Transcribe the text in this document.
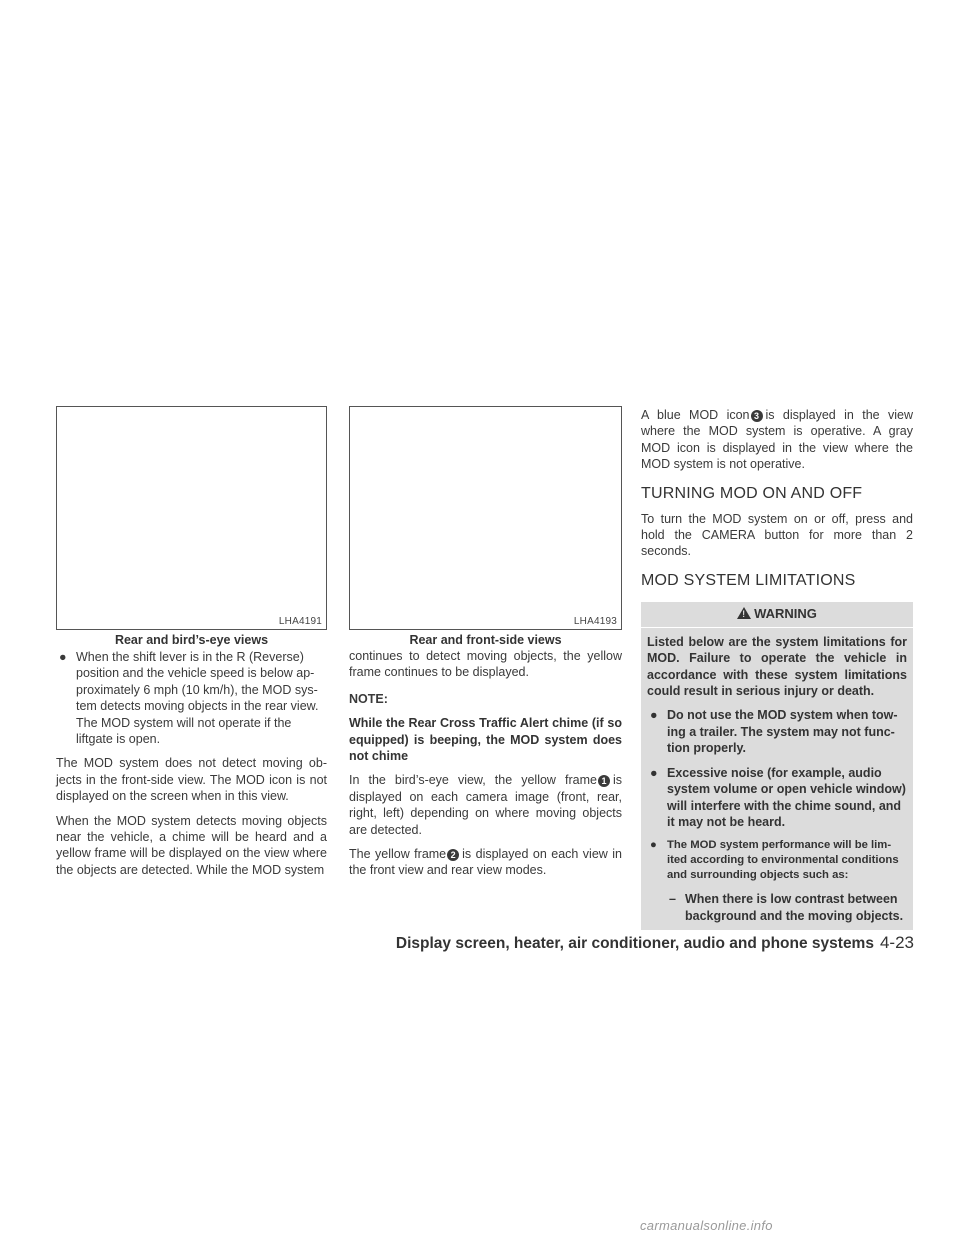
LHA4191
Rear and bird’s-eye views
● When the shift lever is in the R (Reverse) position and the vehicle speed is below ap- proximately 6 mph (10 km/h), the MOD sys- tem detects moving objects in the rear view. The MOD system will not operate if the liftgate is open.

The MOD system does not detect moving ob- jects in the front-side view. The MOD icon is not displayed on the screen when in this view.

When the MOD system detects moving objects near the vehicle, a chime will be heard and a yellow frame will be displayed on the view where the objects are detected. While the MOD system

LHA4193
Rear and front-side views

continues to detect moving objects, the yellow frame continues to be displayed.

NOTE:

While the Rear Cross Traffic Alert chime (if so equipped) is beeping, the MOD system does not chime

In the bird’s-eye view, the yellow frame 1 is displayed on each camera image (front, rear, right, left) depending on where moving objects are detected.

The yellow frame 2 is displayed on each view in the front view and rear view modes.

A blue MOD icon 3 is displayed in the view where the MOD system is operative. A gray MOD icon is displayed in the view where the MOD system is not operative.

TURNING MOD ON AND OFF

To turn the MOD system on or off, press and hold the CAMERA button for more than 2 seconds.

MOD SYSTEM LIMITATIONS
! WARNING

Listed below are the system limitations for MOD. Failure to operate the vehicle in accordance with these system limitations could result in serious injury or death.

● Do not use the MOD system when tow- ing a trailer. The system may not func- tion properly.
● Excessive noise (for example, audio system volume or open vehicle window) will interfere with the chime sound, and it may not be heard.
● The MOD system performance will be lim- ited according to environmental conditions and surrounding objects such as:
– When there is low contrast between background and the moving objects.
Display screen, heater, air conditioner, audio and phone systems 4-23
carmanualsonline.info
